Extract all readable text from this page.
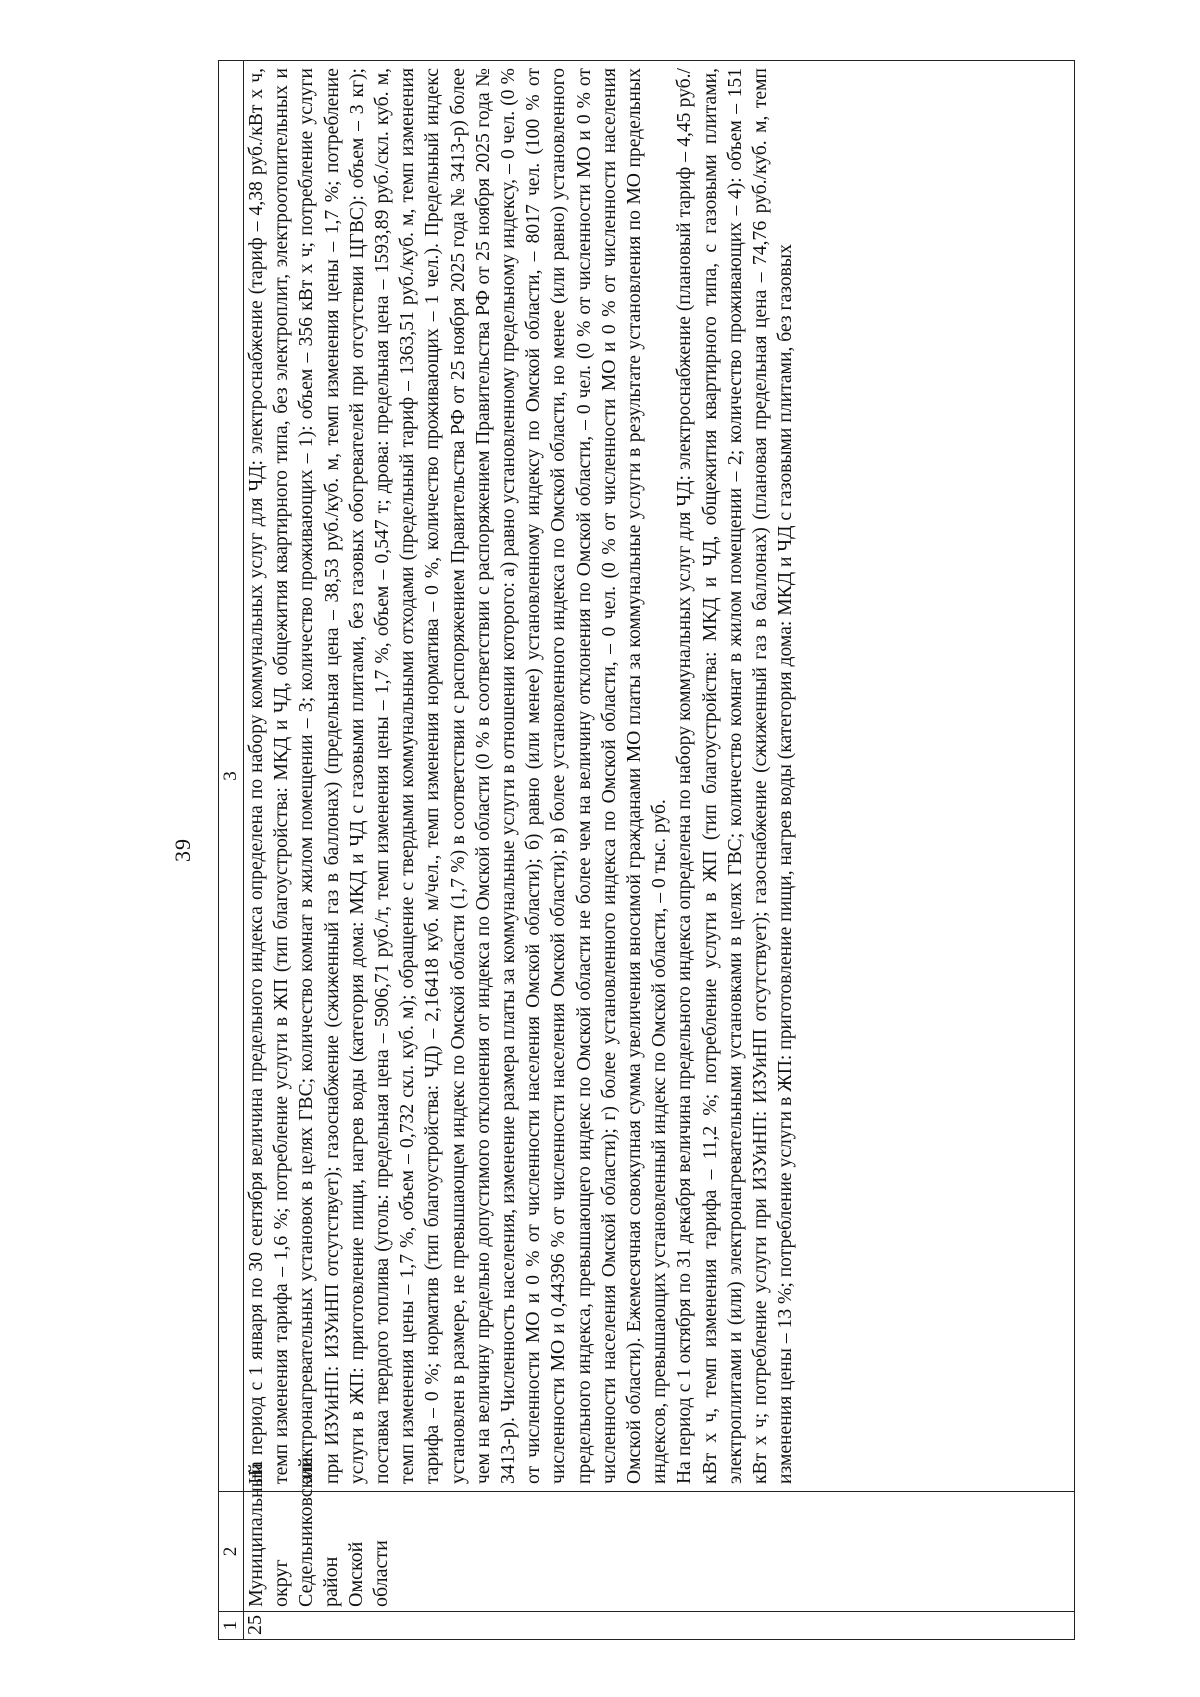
39
1	2	3
25	Муниципальный округ Седельниковский район Омской области	На период с 1 января по 30 сентября величина предельного индекса определена по набору коммунальных услуг для ЧД: электроснабжение (тариф – 4,38 руб./кВт х ч, темп изменения тарифа – 1,6 %; потребление услуги в ЖП (тип благоустройства: МКД и ЧД, общежития квартирного типа, без электроплит, электроотопительных и электронагревательных установок в целях ГВС; количество комнат в жилом помещении – 3; количество проживающих – 1): объем – 356 кВт х ч; потребление услуги при ИЗУиНП: ИЗУиНП отсутствует); газоснабжение (сжиженный газ в баллонах) (предельная цена – 38,53 руб./куб. м, темп изменения цены – 1,7 %; потребление услуги в ЖП: приготовление пищи, нагрев воды (категория дома: МКД и ЧД с газовыми плитами, без газовых обогревателей при отсутствии ЦГВС): объем – 3 кг); поставка твердого топлива (уголь: предельная цена – 5906,71 руб./т, темп изменения цены – 1,7 %, объем – 0,547 т; дрова: предельная цена – 1593,89 руб./скл. куб. м, темп изменения цены – 1,7 %, объем – 0,732 скл. куб. м); обращение с твердыми коммунальными отходами (предельный тариф – 1363,51 руб./куб. м, темп изменения тарифа – 0 %; норматив (тип благоустройства: ЧД) – 2,16418 куб. м/чел., темп изменения норматива – 0 %, количество проживающих – 1 чел.). Предельный индекс установлен в размере, не превышающем индекс по Омской области (1,7 %) в соответствии с распоряжением Правительства РФ от 25 ноября 2025 года № 3413-р) более чем на величину предельно допустимого отклонения от индекса по Омской области (0 % в соответствии с распоряжением Правительства РФ от 25 ноября 2025 года № 3413-р). Численность населения, изменение размера платы за коммунальные услуги в отношении которого: а) равно установленному предельному индексу, – 0 чел. (0 % от численности МО и 0 % от численности населения Омской области); б) равно (или менее) установленному индексу по Омской области, – 8017 чел. (100 % от численности МО и 0,44396 % от численности населения Омской области); в) более установленного индекса по Омской области, но менее (или равно) установленного предельного индекса, превышающего индекс по Омской области не более чем на величину отклонения по Омской области, – 0 чел. (0 % от численности МО и 0 % от численности населения Омской области); г) более установленного индекса по Омской области, – 0 чел. (0 % от численности МО и 0 % от численности населения Омской области). Ежемесячная совокупная сумма увеличения вносимой гражданами МО платы за коммунальные услуги в результате установления по МО предельных индексов, превышающих установленный индекс по Омской области, – 0 тыс. руб. На период с 1 октября по 31 декабря величина предельного индекса определена по набору коммунальных услуг для ЧД: электроснабжение (плановый тариф – 4,45 руб./кВт х ч, темп изменения тарифа – 11,2 %; потребление услуги в ЖП (тип благоустройства: МКД и ЧД, общежития квартирного типа, с газовыми плитами, электроплитами и (или) электронагревательными установками в целях ГВС; количество комнат в жилом помещении – 2; количество проживающих – 4): объем – 151 кВт х ч; потребление услуги при ИЗУиНП: ИЗУиНП отсутствует); газоснабжение (сжиженный газ в баллонах) (плановая предельная цена – 74,76 руб./куб. м, темп изменения цены – 13 %; потребление услуги в ЖП: приготовление пищи, нагрев воды (категория дома: МКД и ЧД с газовыми плитами, без газовых
